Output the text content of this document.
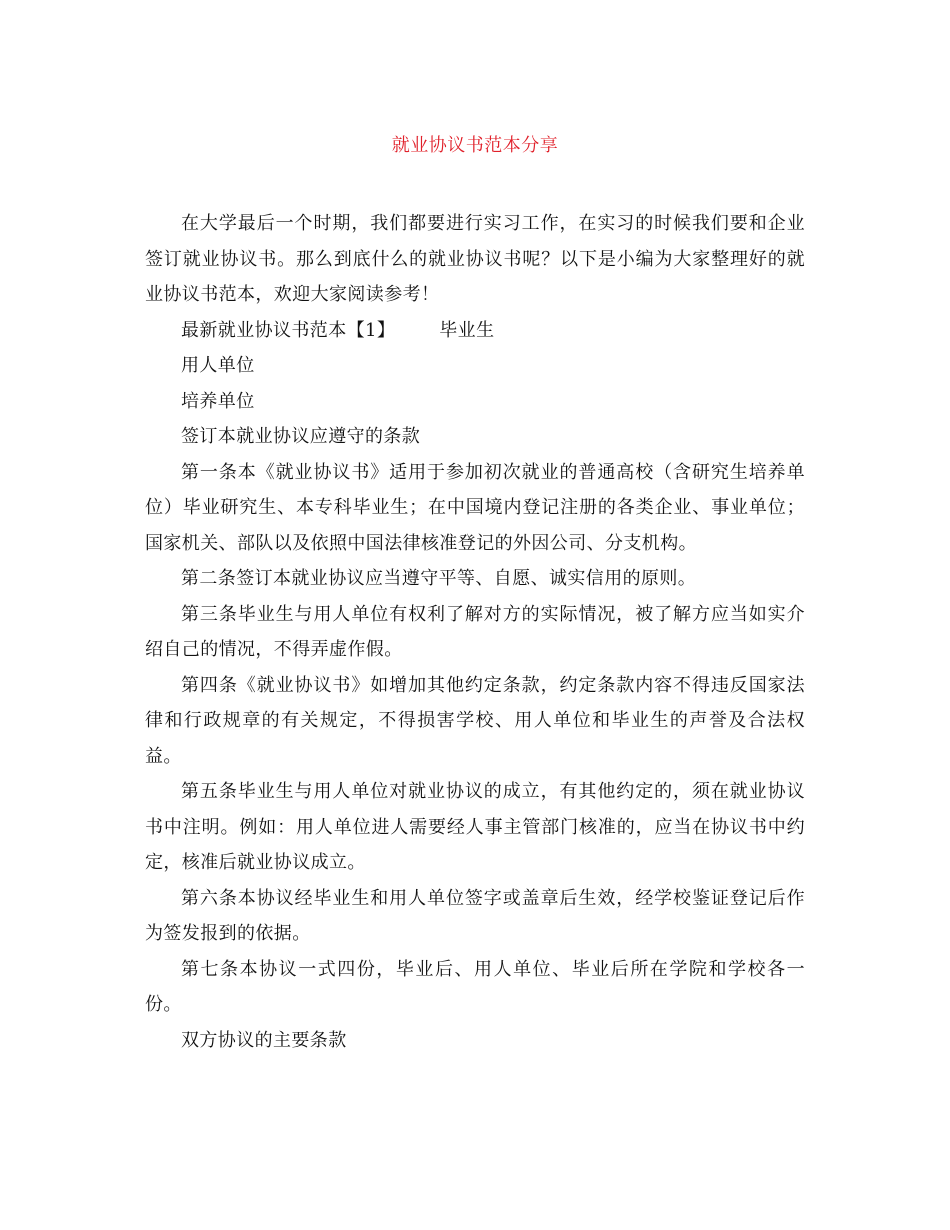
就业协议书范本分享

在大学最后一个时期，我们都要进行实习工作，在实习的时候我们要和企业签订就业协议书。那么到底什么的就业协议书呢？以下是小编为大家整理好的就业协议书范本，欢迎大家阅读参考！

最新就业协议书范本【1】 毕业生

用人单位

培养单位

签订本就业协议应遵守的条款

第一条本《就业协议书》适用于参加初次就业的普通高校（含研究生培养单位）毕业研究生、本专科毕业生；在中国境内登记注册的各类企业、事业单位；国家机关、部队以及依照中国法律核准登记的外因公司、分支机构。

第二条签订本就业协议应当遵守平等、自愿、诚实信用的原则。

第三条毕业生与用人单位有权利了解对方的实际情况，被了解方应当如实介绍自己的情况，不得弄虚作假。

第四条《就业协议书》如增加其他约定条款，约定条款内容不得违反国家法律和行政规章的有关规定，不得损害学校、用人单位和毕业生的声誉及合法权益。

第五条毕业生与用人单位对就业协议的成立，有其他约定的，须在就业协议书中注明。例如：用人单位进人需要经人事主管部门核准的，应当在协议书中约定，核准后就业协议成立。

第六条本协议经毕业生和用人单位签字或盖章后生效，经学校鉴证登记后作为签发报到的依据。

第七条本协议一式四份，毕业后、用人单位、毕业后所在学院和学校各一份。

双方协议的主要条款
